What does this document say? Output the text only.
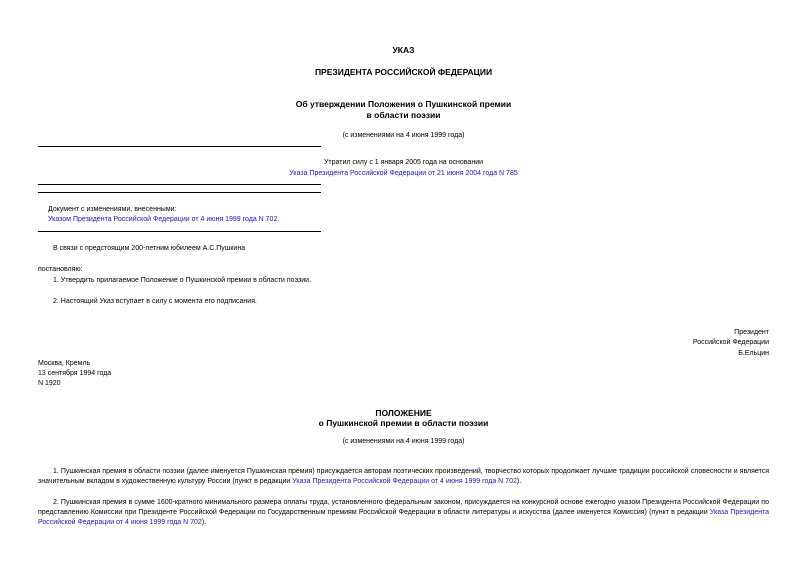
УКАЗ
ПРЕЗИДЕНТА РОССИЙСКОЙ ФЕДЕРАЦИИ
Об утверждении Положения о Пушкинской премии
в области поэзии
(с изменениями на 4 июня 1999 года)
Утратил силу с 1 января 2005 года на основании
Указа Президента Российской Федерации от 21 июня 2004 года N 785
Документ с изменениями, внесенными:
Указом Президента Российской Федерации от 4 июня 1999 года N 702.
В связи с предстоящим 200-летним юбилеем А.С.Пушкина
постановляю:
1. Утвердить прилагаемое Положение о Пушкинской премии в области поэзии.
2. Настоящий Указ вступает в силу с момента его подписания.
Президент
Российской Федерации
Б.Ельцин
Москва, Кремль
13 сентября 1994 года
N 1920
ПОЛОЖЕНИЕ
о Пушкинской премии в области поэзии
(с изменениями на 4 июня 1999 года)
1. Пушкинская премия в области поэзии (далее именуется Пушкинская премия) присуждается авторам поэтических произведений, творчество которых продолжает лучшие традиции российской словесности и является значительным вкладом в художественную культуру России (пункт в редакции Указа Президента Российской Федерации от 4 июня 1999 года N 702).
2. Пушкинская премия в сумме 1600-кратного минимального размера оплаты труда, установленного федеральным законом, присуждается на конкурсной основе ежегодно указом Президента Российской Федерации по представлению Комиссии при Президенте Российской Федерации по Государственным премиям Российской Федерации в области литературы и искусства (далее именуется Комиссия) (пункт в редакции Указа Президента Российской Федерации от 4 июня 1999 года N 702).
